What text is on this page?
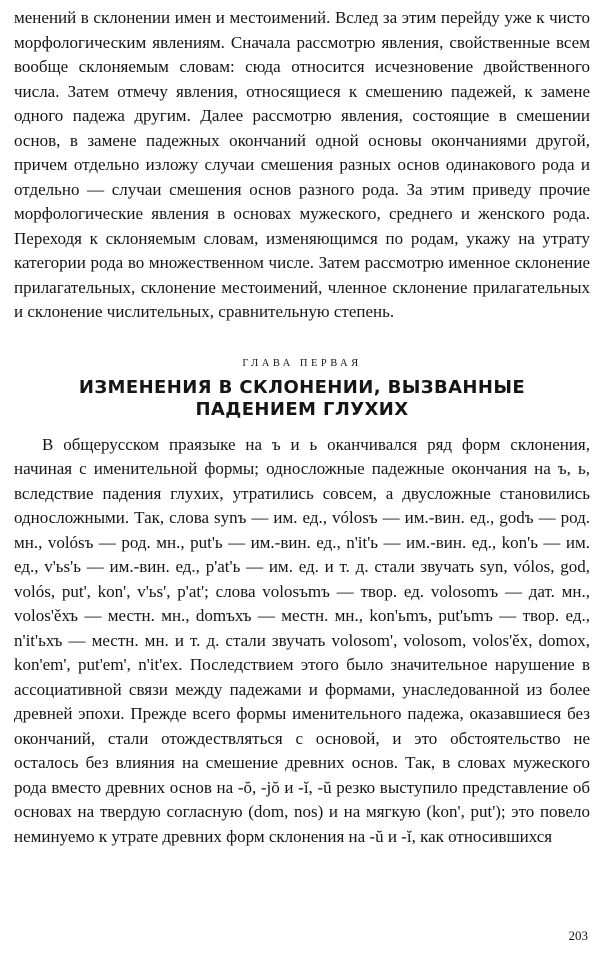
менений в склонении имен и местоимений. Вслед за этим перейду уже к чисто морфологическим явлениям. Сначала рассмотрю явления, свойственные всем вообще склоняемым словам: сюда относится исчезновение двойственного числа. Затем отмечу явления, относящиеся к смешению падежей, к замене одного падежа другим. Далее рассмотрю явления, состоящие в смешении основ, в замене падежных окончаний одной основы окончаниями другой, причем отдельно изложу случаи смешения разных основ одинакового рода и отдельно — случаи смешения основ разного рода. За этим приведу прочие морфологические явления в основах мужеского, среднего и женского рода. Переходя к склоняемым словам, изменяющимся по родам, укажу на утрату категории рода во множественном числе. Затем рассмотрю именное склонение прилагательных, склонение местоимений, членное склонение прилагательных и склонение числительных, сравнительную степень.

ГЛАВА ПЕРВАЯ
ИЗМЕНЕНИЯ В СКЛОНЕНИИ, ВЫЗВАННЫЕ
ПАДЕНИЕМ ГЛУХИХ

В общерусском праязыке на ъ и ь оканчивался ряд форм склонения, начиная с именительной формы; односложные падежные окончания на ъ, ь, вследствие падения глухих, утратились совсем, а двусложные становились односложными. Так, слова synъ — им. ед., vólosъ — им.-вин. ед., godъ — род. мн., volósъ — род. мн., put'ь — им.-вин. ед., n'it'ь — им.-вин. ед., kon'ь — им. ед., v'ьs'ь — им.-вин. ед., p'at'ь — им. ед. и т. д. стали звучать syn, vólos, god, volós, put', kon', v'ьs', p'at'; слова volosъmъ — твор. ед. volosomъ — дат. мн., volos'ěхъ — местн. мн., domъхъ — местн. мн., kon'ьmъ, put'ьmъ — твор. ед., n'it'ьхъ — местн. мн. и т. д. стали звучать volosom', volosom, volos'ěx, domox, kon'em', put'em', n'it'ex. Последствием этого было значительное нарушение в ассоциативной связи между падежами и формами, унаследованной из более древней эпохи. Прежде всего формы именительного падежа, оказавшиеся без окончаний, стали отождествляться с основой, и это обстоятельство не осталось без влияния на смешение древних основ. Так, в словах мужеского рода вместо древних основ на -ŏ, -jŏ и -ĭ, -ŭ резко выступило представление об основах на твердую согласную (dom, nos) и на мягкую (kon', put'); это повело неминуемо к утрате древних форм склонения на -ŭ и -ĭ, как относившихся

203
